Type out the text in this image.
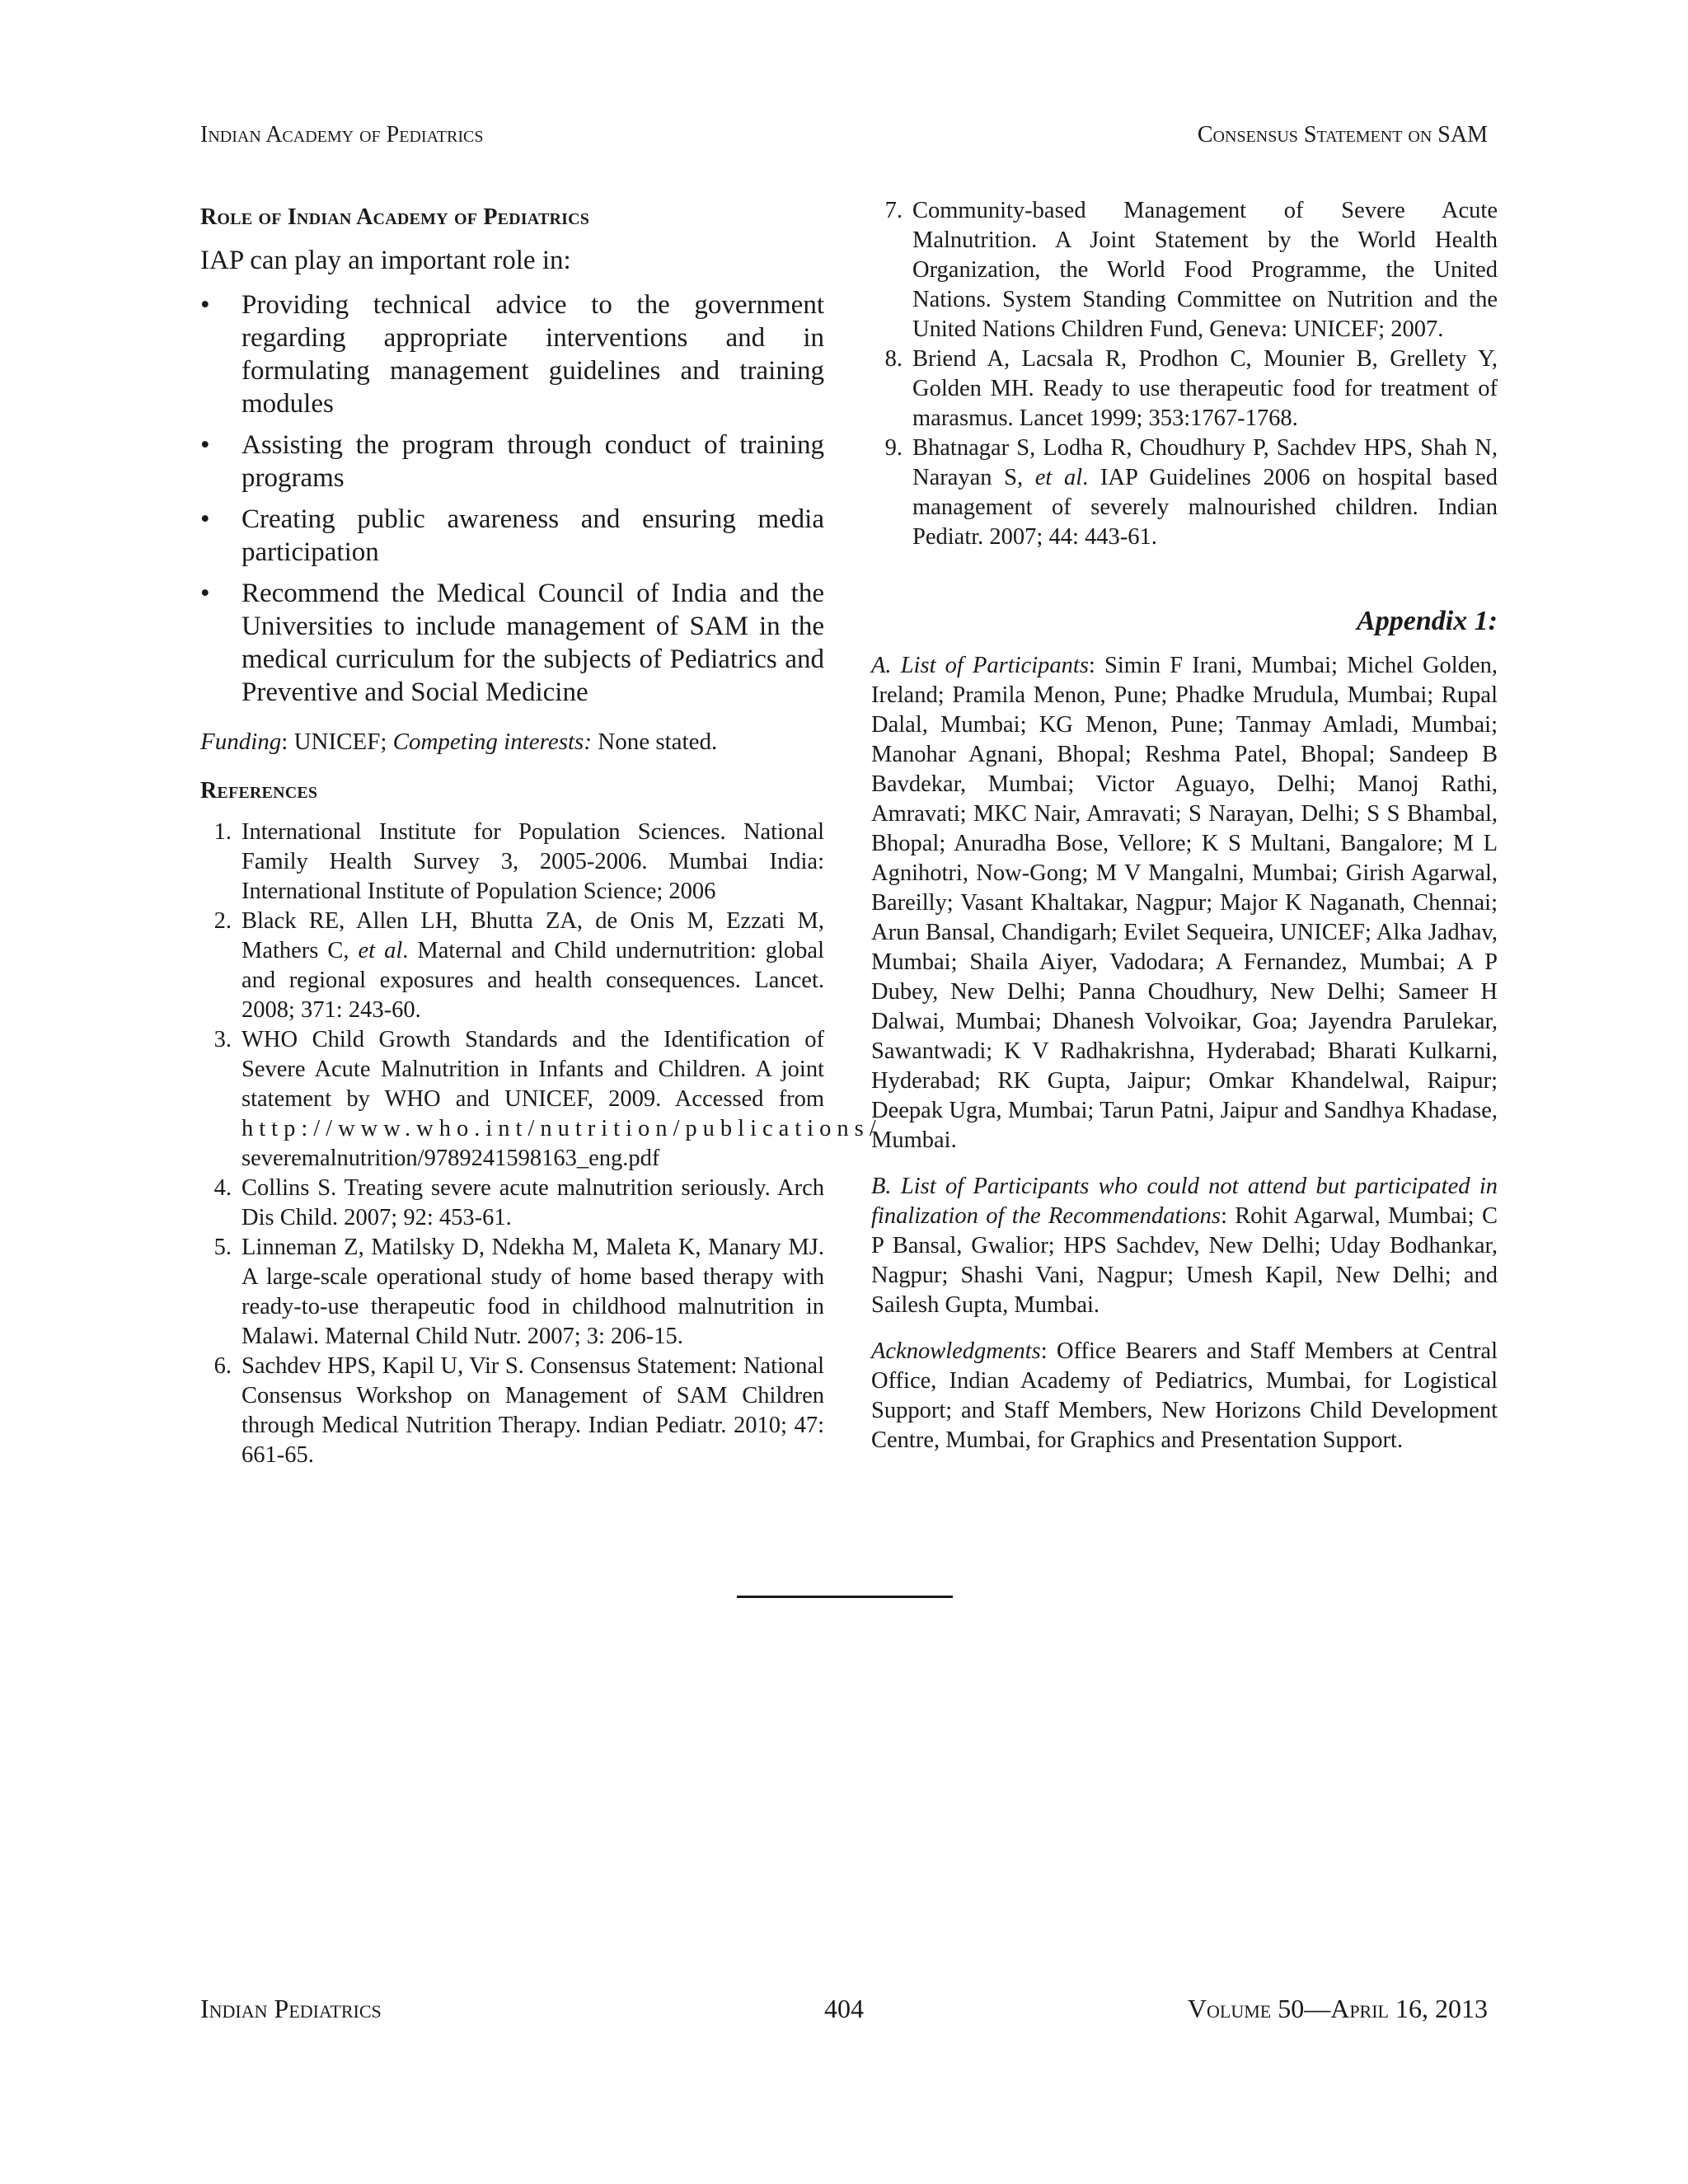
Indian Academy of Pediatrics	Consensus Statement on SAM
Role of Indian Academy of Pediatrics

IAP can play an important role in:

• Providing technical advice to the government regarding appropriate interventions and in formulating management guidelines and training modules
• Assisting the program through conduct of training programs
• Creating public awareness and ensuring media participation
• Recommend the Medical Council of India and the Universities to include management of SAM in the medical curriculum for the subjects of Pediatrics and Preventive and Social Medicine

Funding: UNICEF; Competing interests: None stated.

References
1. International Institute for Population Sciences. National Family Health Survey 3, 2005-2006. Mumbai India: International Institute of Population Science; 2006
2. Black RE, Allen LH, Bhutta ZA, de Onis M, Ezzati M, Mathers C, et al. Maternal and Child undernutrition: global and regional exposures and health consequences. Lancet. 2008; 371: 243-60.
3. WHO Child Growth Standards and the Identification of Severe Acute Malnutrition in Infants and Children. A joint statement by WHO and UNICEF, 2009. Accessed from http://www.who.int/nutrition/publications/ severemalnutrition/9789241598163_eng.pdf
4. Collins S. Treating severe acute malnutrition seriously. Arch Dis Child. 2007; 92: 453-61.
5. Linneman Z, Matilsky D, Ndekha M, Maleta K, Manary MJ. A large-scale operational study of home based therapy with ready-to-use therapeutic food in childhood malnutrition in Malawi. Maternal Child Nutr. 2007; 3: 206-15.
6. Sachdev HPS, Kapil U, Vir S. Consensus Statement: National Consensus Workshop on Management of SAM Children through Medical Nutrition Therapy. Indian Pediatr. 2010; 47: 661-65.
7. Community-based Management of Severe Acute Malnutrition. A Joint Statement by the World Health Organization, the World Food Programme, the United Nations. System Standing Committee on Nutrition and the United Nations Children Fund, Geneva: UNICEF; 2007.
8. Briend A, Lacsala R, Prodhon C, Mounier B, Grellety Y, Golden MH. Ready to use therapeutic food for treatment of marasmus. Lancet 1999; 353:1767-1768.
9. Bhatnagar S, Lodha R, Choudhury P, Sachdev HPS, Shah N, Narayan S, et al. IAP Guidelines 2006 on hospital based management of severely malnourished children. Indian Pediatr. 2007; 44: 443-61.
Appendix 1:

A. List of Participants: Simin F Irani, Mumbai; Michel Golden, Ireland; Pramila Menon, Pune; Phadke Mrudula, Mumbai; Rupal Dalal, Mumbai; KG Menon, Pune; Tanmay Amladi, Mumbai; Manohar Agnani, Bhopal; Reshma Patel, Bhopal; Sandeep B Bavdekar, Mumbai; Victor Aguayo, Delhi; Manoj Rathi, Amravati; MKC Nair, Amravati; S Narayan, Delhi; S S Bhambal, Bhopal; Anuradha Bose, Vellore; K S Multani, Bangalore; M L Agnihotri, Now-Gong; M V Mangalni, Mumbai; Girish Agarwal, Bareilly; Vasant Khaltakar, Nagpur; Major K Naganath, Chennai; Arun Bansal, Chandigarh; Evilet Sequeira, UNICEF; Alka Jadhav, Mumbai; Shaila Aiyer, Vadodara; A Fernandez, Mumbai; A P Dubey, New Delhi; Panna Choudhury, New Delhi; Sameer H Dalwai, Mumbai; Dhanesh Volvoikar, Goa; Jayendra Parulekar, Sawantwadi; K V Radhakrishna, Hyderabad; Bharati Kulkarni, Hyderabad; RK Gupta, Jaipur; Omkar Khandelwal, Raipur; Deepak Ugra, Mumbai; Tarun Patni, Jaipur and Sandhya Khadase, Mumbai.

B. List of Participants who could not attend but participated in finalization of the Recommendations: Rohit Agarwal, Mumbai; C P Bansal, Gwalior; HPS Sachdev, New Delhi; Uday Bodhankar, Nagpur; Shashi Vani, Nagpur; Umesh Kapil, New Delhi; and Sailesh Gupta, Mumbai.

Acknowledgments: Office Bearers and Staff Members at Central Office, Indian Academy of Pediatrics, Mumbai, for Logistical Support; and Staff Members, New Horizons Child Development Centre, Mumbai, for Graphics and Presentation Support.

Indian Pediatrics	404	Volume 50—April 16, 2013
